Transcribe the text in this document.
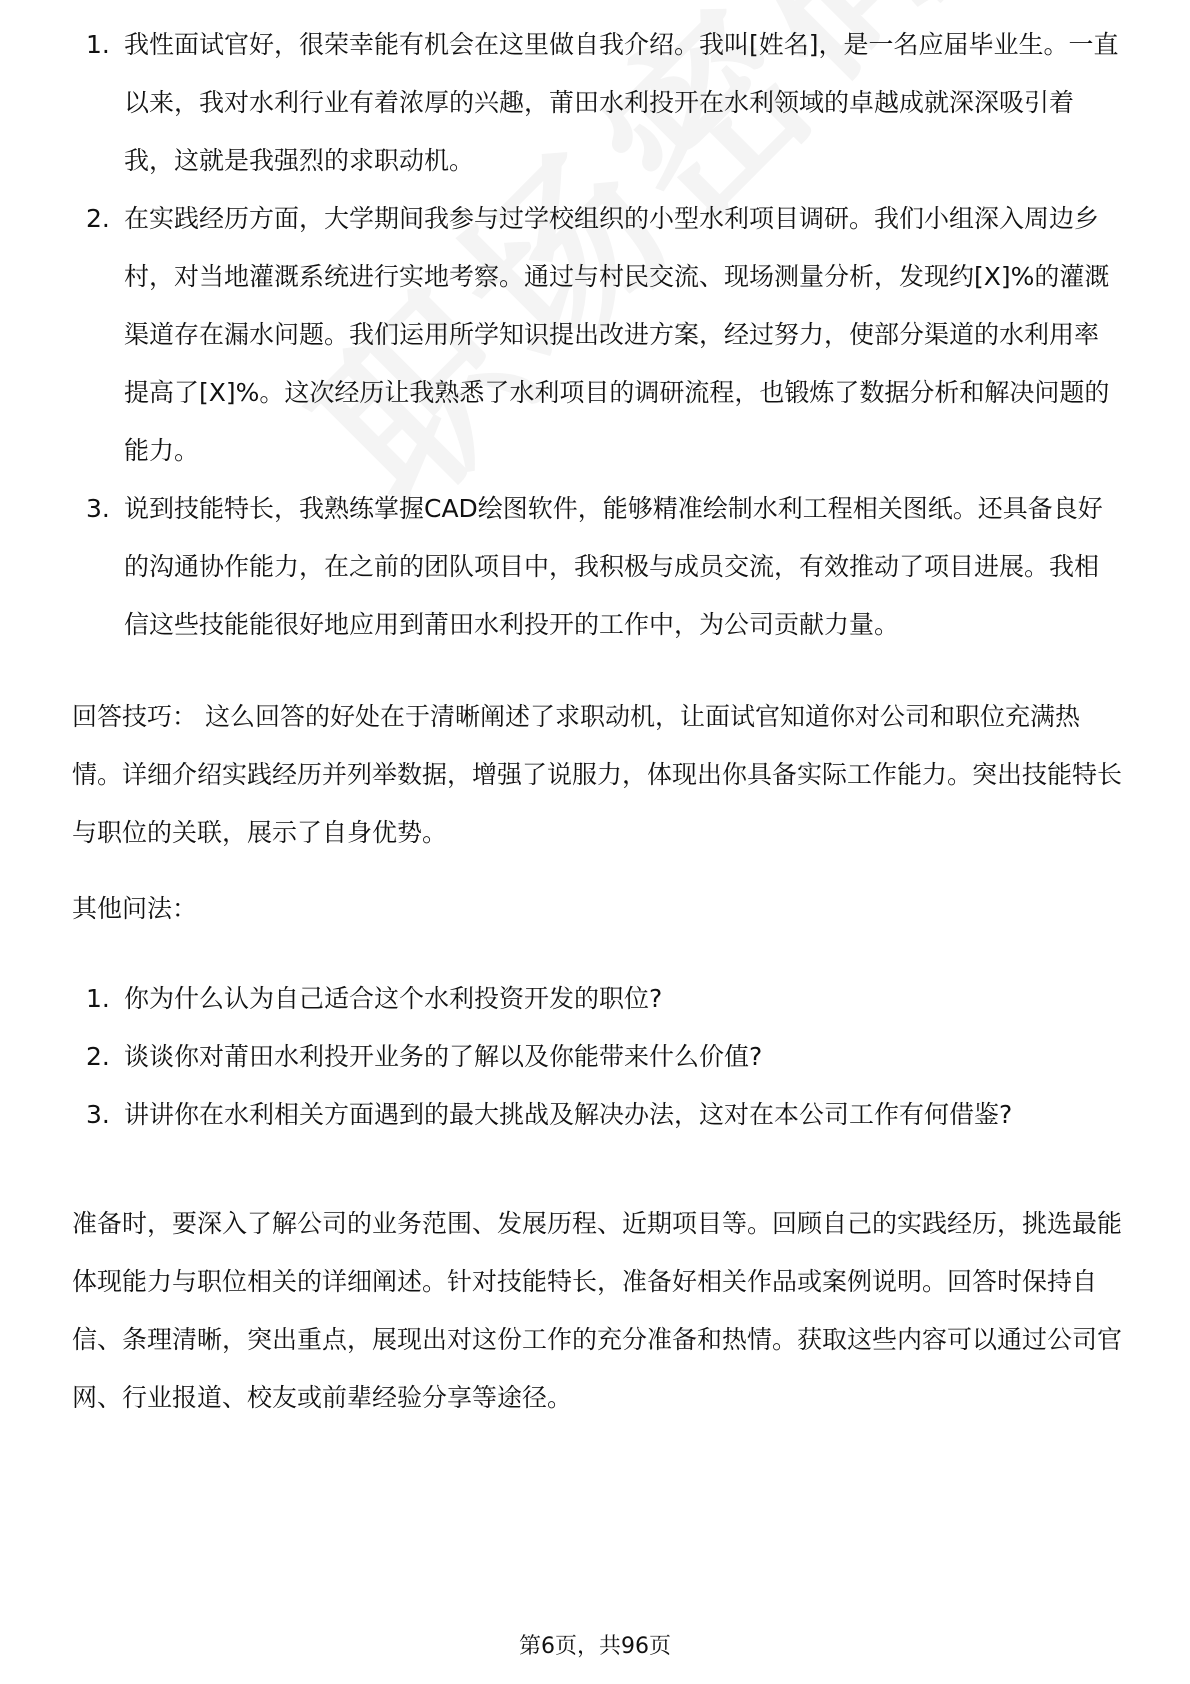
1. 我性面试官好，很荣幸能有机会在这里做自我介绍。我叫[姓名]，是一名应届毕业生。一直以来，我对水利行业有着浓厚的兴趣，莆田水利投开在水利领域的卓越成就深深吸引着我，这就是我强烈的求职动机。
2. 在实践经历方面，大学期间我参与过学校组织的小型水利项目调研。我们小组深入周边乡村，对当地灌溉系统进行实地考察。通过与村民交流、现场测量分析，发现约[X]%的灌溉渠道存在漏水问题。我们运用所学知识提出改进方案，经过努力，使部分渠道的水利用率提高了[X]%。这次经历让我熟悉了水利项目的调研流程，也锻炼了数据分析和解决问题的能力。
3. 说到技能特长，我熟练掌握CAD绘图软件，能够精准绘制水利工程相关图纸。还具备良好的沟通协作能力，在之前的团队项目中，我积极与成员交流，有效推动了项目进展。我相信这些技能能很好地应用到莆田水利投开的工作中，为公司贡献力量。

回答技巧： 这么回答的好处在于清晰阐述了求职动机，让面试官知道你对公司和职位充满热情。详细介绍实践经历并列举数据，增强了说服力，体现出你具备实际工作能力。突出技能特长与职位的关联，展示了自身优势。

其他问法：

1. 你为什么认为自己适合这个水利投资开发的职位?
2. 谈谈你对莆田水利投开业务的了解以及你能带来什么价值?
3. 讲讲你在水利相关方面遇到的最大挑战及解决办法，这对在本公司工作有何借鉴?

准备时，要深入了解公司的业务范围、发展历程、近期项目等。回顾自己的实践经历，挑选最能体现能力与职位相关的详细阐述。针对技能特长，准备好相关作品或案例说明。回答时保持自信、条理清晰，突出重点，展现出对这份工作的充分准备和热情。获取这些内容可以通过公司官网、行业报道、校友或前辈经验分享等途径。

第6页，共96页
